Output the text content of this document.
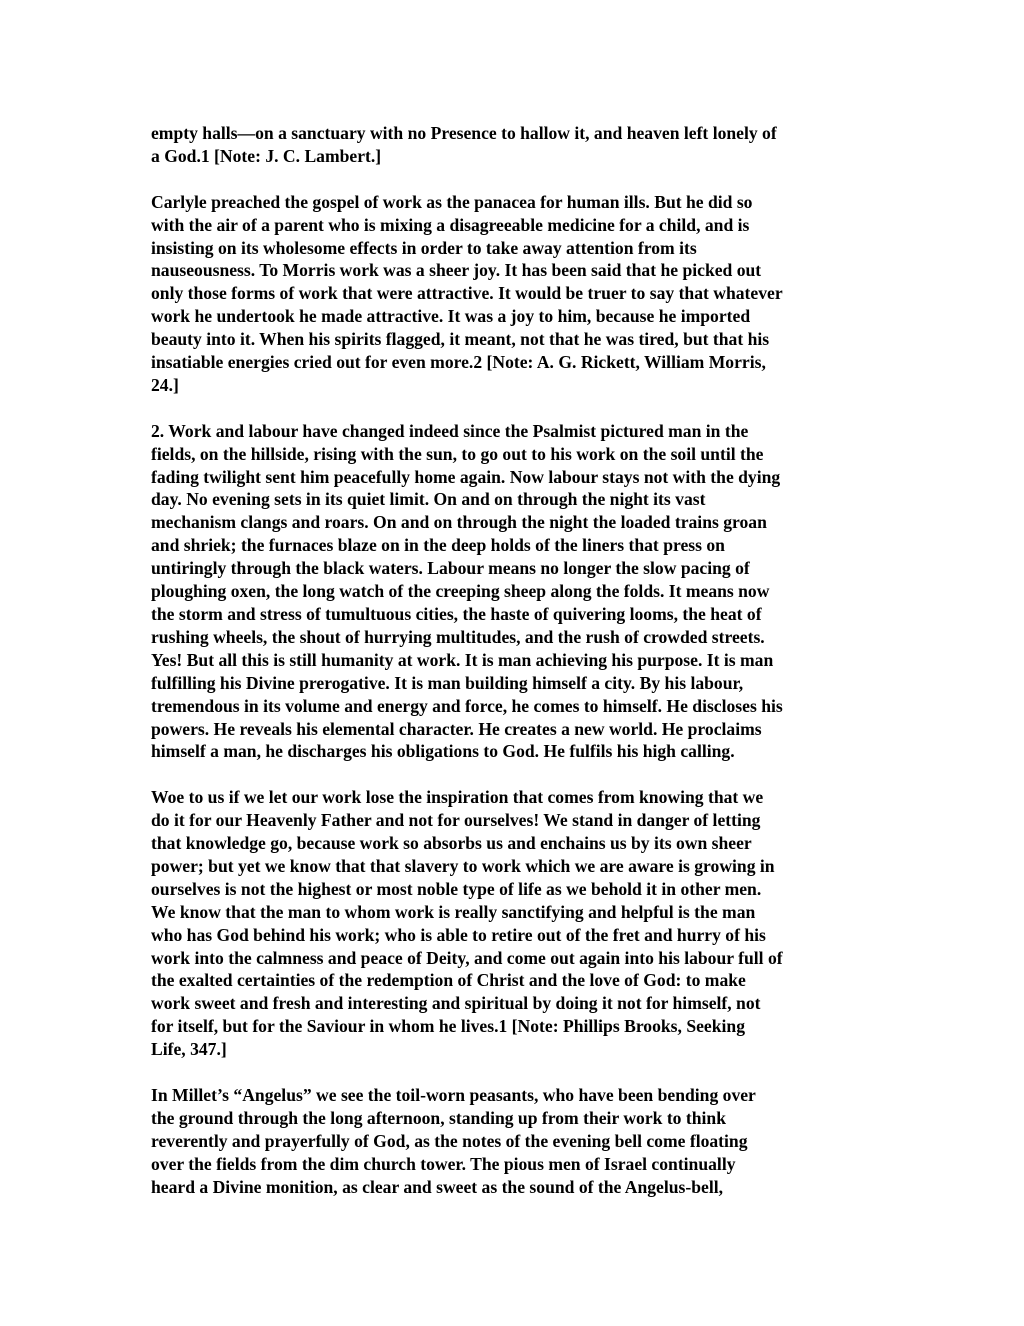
empty halls—on a sanctuary with no Presence to hallow it, and heaven left lonely of
a God.1 [Note: J. C. Lambert.]
Carlyle preached the gospel of work as the panacea for human ills. But he did so
with the air of a parent who is mixing a disagreeable medicine for a child, and is
insisting on its wholesome effects in order to take away attention from its
nauseousness. To Morris work was a sheer joy. It has been said that he picked out
only those forms of work that were attractive. It would be truer to say that whatever
work he undertook he made attractive. It was a joy to him, because he imported
beauty into it. When his spirits flagged, it meant, not that he was tired, but that his
insatiable energies cried out for even more.2 [Note: A. G. Rickett, William Morris,
24.]
2. Work and labour have changed indeed since the Psalmist pictured man in the
fields, on the hillside, rising with the sun, to go out to his work on the soil until the
fading twilight sent him peacefully home again. Now labour stays not with the dying
day. No evening sets in its quiet limit. On and on through the night its vast
mechanism clangs and roars. On and on through the night the loaded trains groan
and shriek; the furnaces blaze on in the deep holds of the liners that press on
untiringly through the black waters. Labour means no longer the slow pacing of
ploughing oxen, the long watch of the creeping sheep along the folds. It means now
the storm and stress of tumultuous cities, the haste of quivering looms, the heat of
rushing wheels, the shout of hurrying multitudes, and the rush of crowded streets.
Yes! But all this is still humanity at work. It is man achieving his purpose. It is man
fulfilling his Divine prerogative. It is man building himself a city. By his labour,
tremendous in its volume and energy and force, he comes to himself. He discloses his
powers. He reveals his elemental character. He creates a new world. He proclaims
himself a man, he discharges his obligations to God. He fulfils his high calling.
Woe to us if we let our work lose the inspiration that comes from knowing that we
do it for our Heavenly Father and not for ourselves! We stand in danger of letting
that knowledge go, because work so absorbs us and enchains us by its own sheer
power; but yet we know that that slavery to work which we are aware is growing in
ourselves is not the highest or most noble type of life as we behold it in other men.
We know that the man to whom work is really sanctifying and helpful is the man
who has God behind his work; who is able to retire out of the fret and hurry of his
work into the calmness and peace of Deity, and come out again into his labour full of
the exalted certainties of the redemption of Christ and the love of God: to make
work sweet and fresh and interesting and spiritual by doing it not for himself, not
for itself, but for the Saviour in whom he lives.1 [Note: Phillips Brooks, Seeking
Life, 347.]
In Millet’s “Angelus” we see the toil-worn peasants, who have been bending over
the ground through the long afternoon, standing up from their work to think
reverently and prayerfully of God, as the notes of the evening bell come floating
over the fields from the dim church tower. The pious men of Israel continually
heard a Divine monition, as clear and sweet as the sound of the Angelus-bell,
